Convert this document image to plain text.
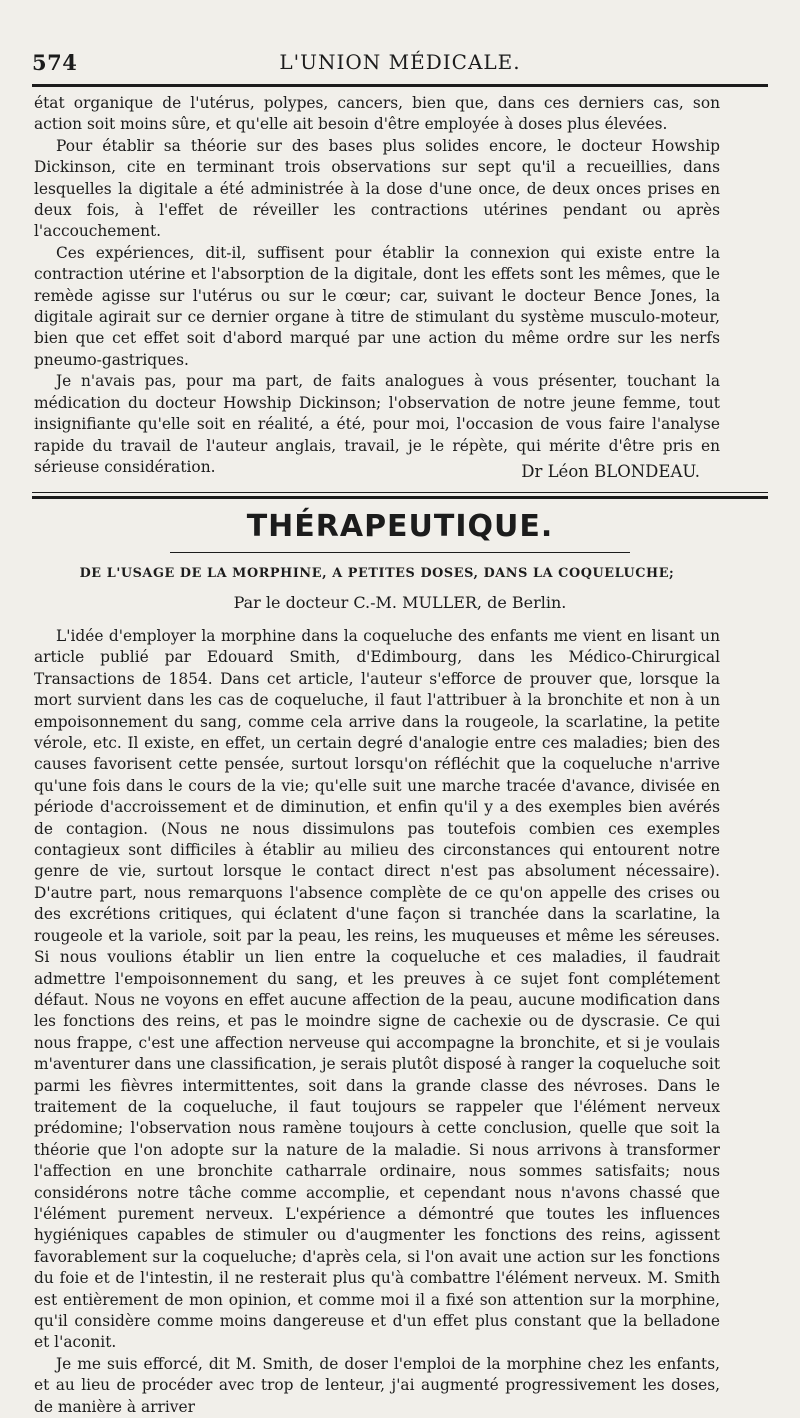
574	L'UNION MÉDICALE.

état organique de l'utérus, polypes, cancers, bien que, dans ces derniers cas, son action soit moins sûre, et qu'elle ait besoin d'être employée à doses plus élevées.

Pour établir sa théorie sur des bases plus solides encore, le docteur Howship Dickinson, cite en terminant trois observations sur sept qu'il a recueillies, dans lesquelles la digitale a été administrée à la dose d'une once, de deux onces prises en deux fois, à l'effet de réveiller les contractions utérines pendant ou après l'accouchement.

Ces expériences, dit-il, suffisent pour établir la connexion qui existe entre la contraction utérine et l'absorption de la digitale, dont les effets sont les mêmes, que le remède agisse sur l'utérus ou sur le cœur; car, suivant le docteur Bence Jones, la digitale agirait sur ce dernier organe à titre de stimulant du système musculo-moteur, bien que cet effet soit d'abord marqué par une action du même ordre sur les nerfs pneumo-gastriques.

Je n'avais pas, pour ma part, de faits analogues à vous présenter, touchant la médication du docteur Howship Dickinson; l'observation de notre jeune femme, tout insignifiante qu'elle soit en réalité, a été, pour moi, l'occasion de vous faire l'analyse rapide du travail de l'auteur anglais, travail, je le répète, qui mérite d'être pris en sérieuse considération.	Dr Léon BLONDEAU.
THÉRAPEUTIQUE.
DE L'USAGE DE LA MORPHINE, A PETITES DOSES, DANS LA COQUELUCHE;
Par le docteur C.-M. MULLER, de Berlin.

L'idée d'employer la morphine dans la coqueluche des enfants me vient en lisant un article publié par Edouard Smith, d'Edimbourg, dans les Médico-Chirurgical Transactions de 1854. Dans cet article, l'auteur s'efforce de prouver que, lorsque la mort survient dans les cas de coqueluche, il faut l'attribuer à la bronchite et non à un empoisonnement du sang, comme cela arrive dans la rougeole, la scarlatine, la petite vérole, etc. Il existe, en effet, un certain degré d'analogie entre ces maladies; bien des causes favorisent cette pensée, surtout lorsqu'on réfléchit que la coqueluche n'arrive qu'une fois dans le cours de la vie; qu'elle suit une marche tracée d'avance, divisée en période d'accroissement et de diminution, et enfin qu'il y a des exemples bien avérés de contagion. (Nous ne nous dissimulons pas toutefois combien ces exemples contagieux sont difficiles à établir au milieu des circonstances qui entourent notre genre de vie, surtout lorsque le contact direct n'est pas absolument nécessaire). D'autre part, nous remarquons l'absence complète de ce qu'on appelle des crises ou des excrétions critiques, qui éclatent d'une façon si tranchée dans la scarlatine, la rougeole et la variole, soit par la peau, les reins, les muqueuses et même les séreuses. Si nous voulions établir un lien entre la coqueluche et ces maladies, il faudrait admettre l'empoisonnement du sang, et les preuves à ce sujet font complétement défaut. Nous ne voyons en effet aucune affection de la peau, aucune modification dans les fonctions des reins, et pas le moindre signe de cachexie ou de dyscrasie. Ce qui nous frappe, c'est une affection nerveuse qui accompagne la bronchite, et si je voulais m'aventurer dans une classification, je serais plutôt disposé à ranger la coqueluche soit parmi les fièvres intermittentes, soit dans la grande classe des névroses. Dans le traitement de la coqueluche, il faut toujours se rappeler que l'élément nerveux prédomine; l'observation nous ramène toujours à cette conclusion, quelle que soit la théorie que l'on adopte sur la nature de la maladie. Si nous arrivons à transformer l'affection en une bronchite catharrale ordinaire, nous sommes satisfaits; nous considérons notre tâche comme accomplie, et cependant nous n'avons chassé que l'élément purement nerveux. L'expérience a démontré que toutes les influences hygiéniques capables de stimuler ou d'augmenter les fonctions des reins, agissent favorablement sur la coqueluche; d'après cela, si l'on avait une action sur les fonctions du foie et de l'intestin, il ne resterait plus qu'à combattre l'élément nerveux. M. Smith est entièrement de mon opinion, et comme moi il a fixé son attention sur la morphine, qu'il considère comme moins dangereuse et d'un effet plus constant que la belladone et l'aconit.

Je me suis efforcé, dit M. Smith, de doser l'emploi de la morphine chez les enfants, et au lieu de procéder avec trop de lenteur, j'ai augmenté progressivement les doses, de manière à arriver
